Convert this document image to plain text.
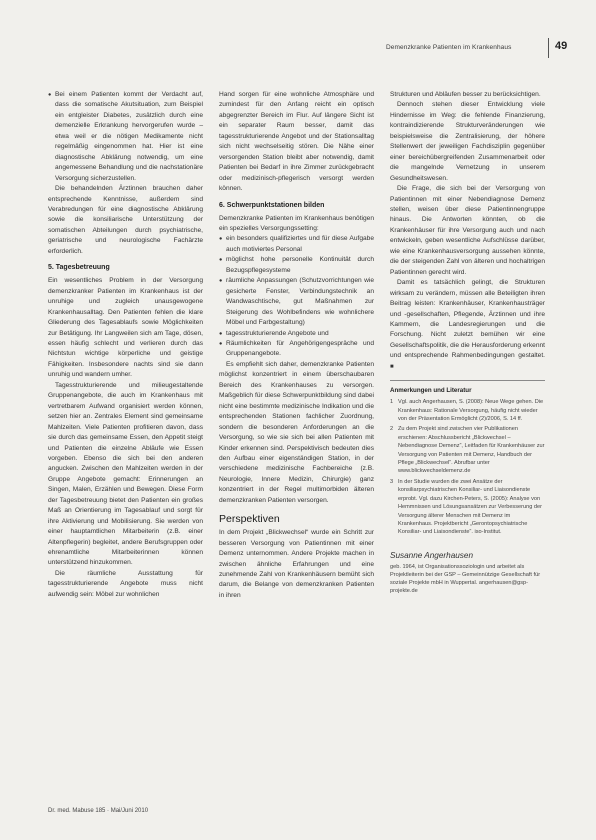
Demenzkranke Patienten im Krankenhaus	49

● Bei einem Patienten kommt der Verdacht auf, dass die somatische Akutsituation, zum Beispiel ein entgleister Diabetes, zusätzlich durch eine demenzielle Erkrankung hervorgerufen wurde – etwa weil er die nötigen Medikamente nicht regelmäßig eingenommen hat. Hier ist eine diagnostische Abklärung notwendig, um eine angemessene Behandlung und die nachstationäre Versorgung sicherzustellen.

Die behandelnden Ärztinnen brauchen daher entsprechende Kenntnisse, außerdem sind Verabredungen für eine diagnostische Abklärung sowie die konsiliarische Unterstützung der somatischen Abteilungen durch psychiatrische, geriatrische und neurologische Fachärzte erforderlich.

5. Tagesbetreuung

Ein wesentliches Problem in der Versorgung demenzkranker Patienten im Krankenhaus ist der unruhige und zugleich unausgewogene Krankenhausalltag. Den Patienten fehlen die klare Gliederung des Tagesablaufs sowie Möglichkeiten zur Betätigung. Ihr Langweilen sich am Tage, dösen, essen häufig schlecht und verlieren durch das Nichtstun wichtige körperliche und geistige Fähigkeiten. Insbesondere nachts sind sie dann unruhig und wandern umher.

Tagesstrukturierende und milieugestaltende Gruppenangebote, die auch im Krankenhaus mit vertretbarem Aufwand organisiert werden können, setzen hier an. Zentrales Element sind gemeinsame Mahlzeiten. Viele Patienten profitieren davon, dass sie durch das gemeinsame Essen, den Appetit steigt und Patienten die einzelne Abläufe wie Essen vorgeben. Ebenso die sich bei den anderen angucken. Zwischen den Mahlzeiten werden in der Gruppe Angebote gemacht: Erinnerungen an Singen, Malen, Erzählen und Bewegen. Diese Form der Tagesbetreuung bietet den Patienten ein großes Maß an Orientierung im Tagesablauf und sorgt für ihre Aktivierung und Mobilisierung. Sie werden von einer hauptamtlichen Mitarbeiterin (z.B. einer Altenpflegerin) begleitet, andere Berufsgruppen oder ehrenamtliche Mitarbeiterinnen können unterstützend hinzukommen.

Die räumliche Ausstattung für tagesstrukturierende Angebote muss nicht aufwendig sein: Möbel zur wohnlichen

Hand sorgen für eine wohnliche Atmosphäre und zumindest für den Anfang reicht ein optisch abgegrenzter Bereich im Flur. Auf längere Sicht ist ein separater Raum besser, damit das tagesstrukturierende Angebot und der Stationsalltag sich nicht wechselseitig stören. Die Nähe einer versorgenden Station bleibt aber notwendig, damit Patienten bei Bedarf in ihre Zimmer zurückgebracht oder medizinisch-pflegerisch versorgt werden können.

6. Schwerpunktstationen bilden

Demenzkranke Patienten im Krankenhaus benötigen ein spezielles Versorgungssetting:

● ein besonders qualifiziertes und für diese Aufgabe auch motiviertes Personal

● möglichst hohe personelle Kontinuität durch Bezugspflegesysteme

● räumliche Anpassungen (Schutzvorrichtungen wie gesicherte Fenster, Verbindungstechnik an Wandwaschtische, gut Maßnahmen zur Steigerung des Wohlbefindens wie wohnlichere Möbel und Farbgestaltung)

● tagesstrukturierende Angebote und

● Räumlichkeiten für Angehörigengespräche und Gruppenangebote.

Es empfiehlt sich daher, demenzkranke Patienten möglichst konzentriert in einem überschaubaren Bereich des Krankenhauses zu versorgen. Maßgeblich für diese Schwerpunktbildung sind dabei nicht eine bestimmte medizinische Indikation und die entsprechenden Stationen fachlicher Zuordnung, sondern die besonderen Anforderungen an die Versorgung, so wie sie sich bei allen Patienten mit Kinder erkennen sind. Perspektivisch bedeuten dies den Aufbau einer eigenständigen Station, in der verschiedene medizinische Fachbereiche (z.B. Neurologie, Innere Medizin, Chirurgie) ganz konzentriert in der Regel multimorbiden älteren demenzkranken Patienten versorgen.

Perspektiven

In dem Projekt „Blickwechsel“ wurde ein Schritt zur besseren Versorgung von Patientinnen mit einer Demenz unternommen. Andere Projekte machen in zwischen ähnliche Erfahrungen und eine zunehmende Zahl von Krankenhäusern bemüht sich darum, die Belange von demenzkranken Patienten in ihren

Strukturen und Abläufen besser zu berücksichtigen.

Dennoch stehen dieser Entwicklung viele Hindernisse im Weg: die fehlende Finanzierung, kontraindizierende Strukturveränderungen wie beispielsweise die Zentralisierung, der höhere Stellenwert der jeweiligen Fachdisziplin gegenüber einer bereichübergreifenden Zusammenarbeit oder die mangelnde Vernetzung in unserem Gesundheitswesen.

Die Frage, die sich bei der Versorgung von Patientinnen mit einer Nebendiagnose Demenz stellen, weisen über diese Patientinnengruppe hinaus. Die Antworten könnten, ob die Krankenhäuser für ihre Versorgung auch und nach entwickeln, geben wesentliche Aufschlüsse darüber, wie eine Krankenhausversorgung aussehen könnte, die der steigenden Zahl von älteren und hochaltrigen Patientinnen gerecht wird.

Damit es tatsächlich gelingt, die Strukturen wirksam zu verändern, müssen alle Beteiligten ihren Beitrag leisten: Krankenhäuser, Krankenhausträger und -gesellschaften, Pflegende, Ärztinnen und ihre Kammern, die Landesregierungen und die Forschung. Nicht zuletzt bemühen wir eine Gesellschaftspolitik, die die Herausforderung erkennt und entsprechende Rahmenbedingungen gestaltet. ■

Anmerkungen und Literatur
1 Vgl. auch Angerhausen, S. (2008): Neue Wege gehen. Die Krankenhaus: Rationale Versorgung, häufig nicht wieder von der Präsentation Ermöglicht (2)/2006, S. 14 ff.
2 Zu dem Projekt sind zwischen vier Publikationen erschienen: Abschlussbericht „Blickwechsel – Nebendiagnose Demenz“, Leitfaden für Krankenhäuser zur Versorgung von Patienten mit Demenz, Handbuch der Pflege „Blickwechsel“. Abrufbar unter www.blickwechseldemenz.de
3 In der Studie wurden die zwei Ansätze der konsiliarpsychiatrischen Konsiliar- und Liaisondienste erprobt. Vgl. dazu Kirchen-Peters, S. (2005): Analyse von Hemmnissen und Lösungsansätzen zur Verbesserung der Versorgung älterer Menschen mit Demenz im Krankenhaus. Projektbericht „Gerontopsychiatrische Konsiliar- und Liaisondienste“. iso-Institut.
Susanne Angerhausen

geb. 1964, ist Organisationssoziologin und arbeitet als Projektleiterin bei der GSP – Gemeinnützige Gesellschaft für soziale Projekte mbH in Wuppertal. angerhausen@gsp-projekte.de

Dr. med. Mabuse 185 · Mai/Juni 2010
